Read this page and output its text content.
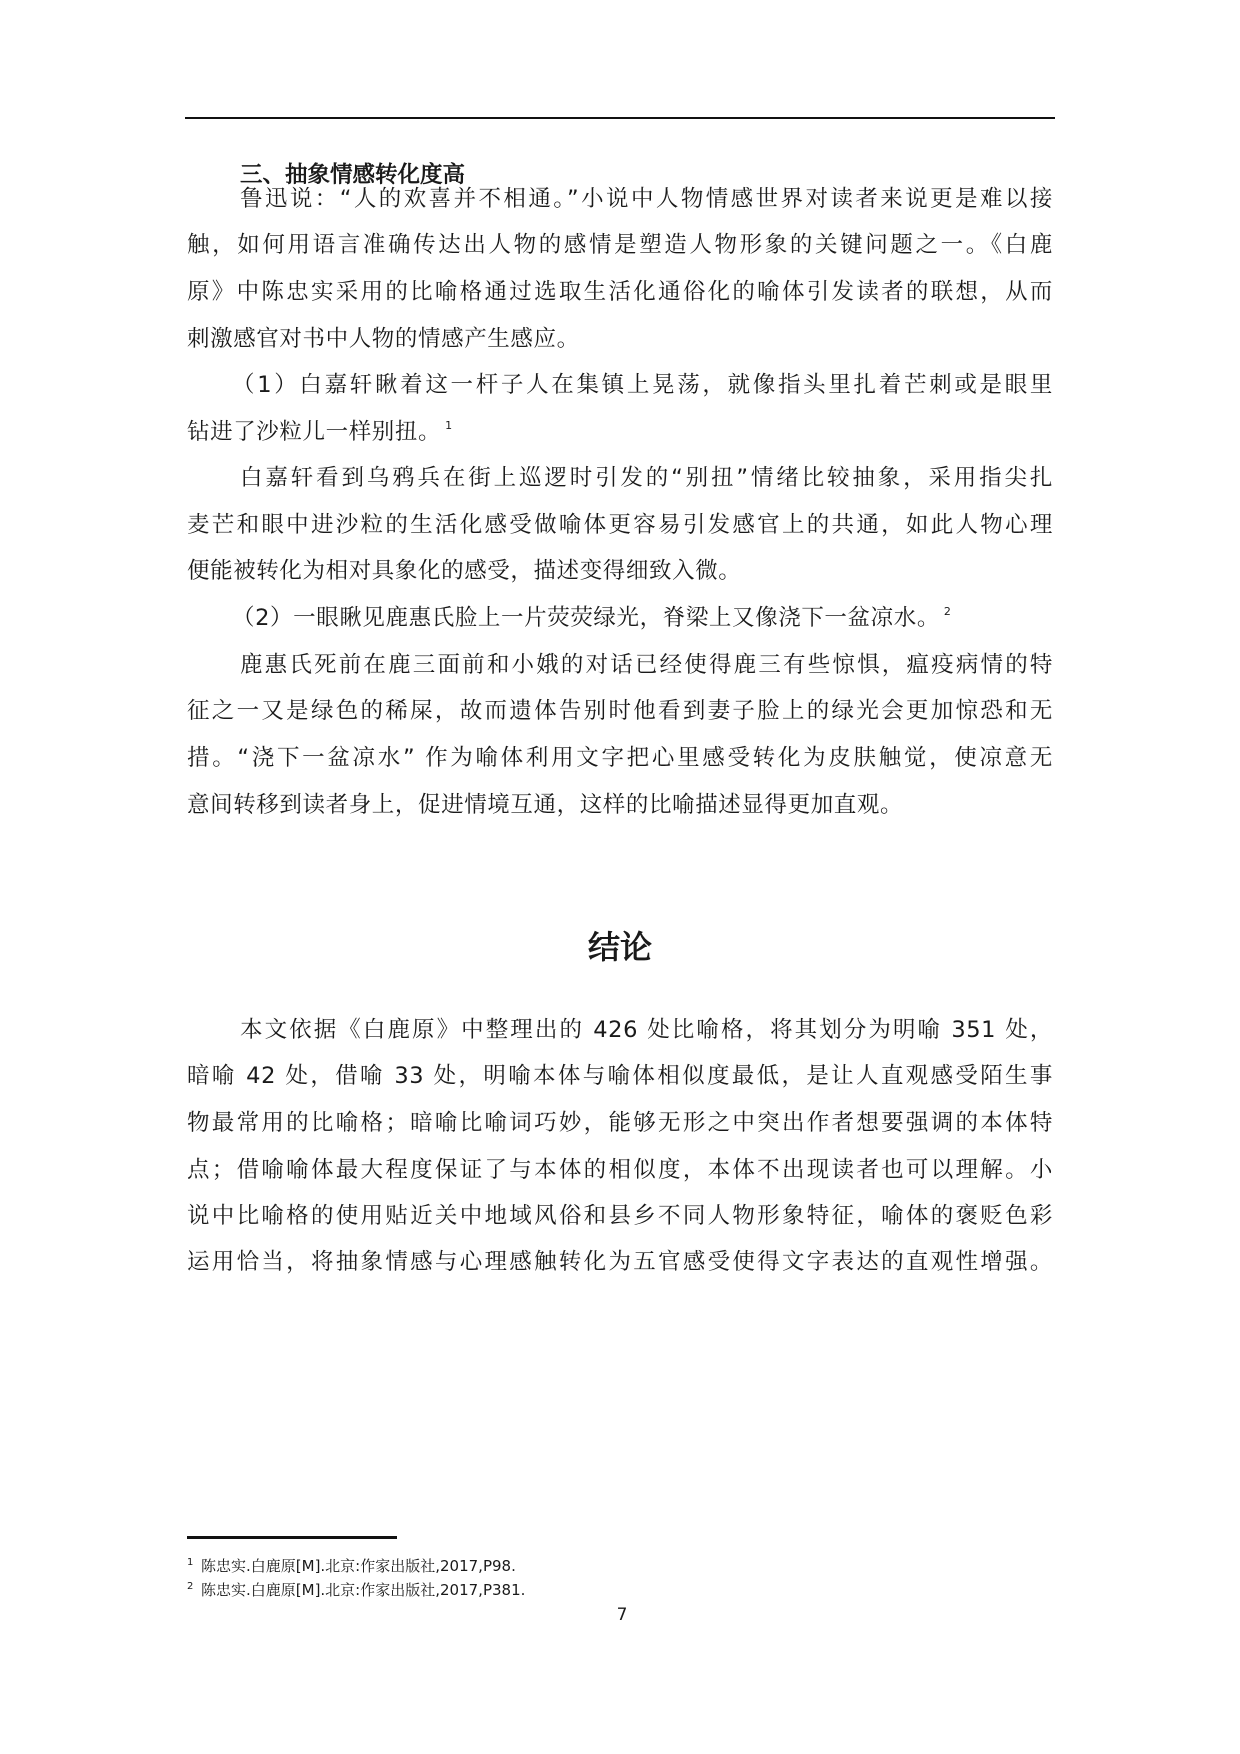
三、抽象情感转化度高
鲁迅说：“人的欢喜并不相通。”小说中人物情感世界对读者来说更是难以接
触，如何用语言准确传达出人物的感情是塑造人物形象的关键问题之一。《白鹿
原》中陈忠实采用的比喻格通过选取生活化通俗化的喻体引发读者的联想，从而
刺激感官对书中人物的情感产生感应。
（1）白嘉轩瞅着这一杆子人在集镇上晃荡，就像指头里扎着芒刺或是眼里
钻进了沙粒儿一样别扭。 $^1$
白嘉轩看到乌鸦兵在街上巡逻时引发的“别扭”情绪比较抽象，采用指尖扎
麦芒和眼中进沙粒的生活化感受做喻体更容易引发感官上的共通，如此人物心理
便能被转化为相对具象化的感受，描述变得细致入微。
（2）一眼瞅见鹿惠氏脸上一片荧荧绿光，脊梁上又像浇下一盆凉水。 $^2$
鹿惠氏死前在鹿三面前和小娥的对话已经使得鹿三有些惊惧，瘟疫病情的特
征之一又是绿色的稀屎，故而遗体告别时他看到妻子脸上的绿光会更加惊恐和无
措。“浇下一盆凉水” 作为喻体利用文字把心里感受转化为皮肤触觉，使凉意无
意间转移到读者身上，促进情境互通，这样的比喻描述显得更加直观。
结论
本文依据《白鹿原》中整理出的 426 处比喻格，将其划分为明喻 351 处，
暗喻 42 处，借喻 33 处，明喻本体与喻体相似度最低，是让人直观感受陌生事
物最常用的比喻格；暗喻比喻词巧妙，能够无形之中突出作者想要强调的本体特
点；借喻喻体最大程度保证了与本体的相似度，本体不出现读者也可以理解。小
说中比喻格的使用贴近关中地域风俗和县乡不同人物形象特征，喻体的褒贬色彩
运用恰当，将抽象情感与心理感触转化为五官感受使得文字表达的直观性增强。
1 陈忠实.白鹿原[M].北京:作家出版社,2017,P98.
2 陈忠实.白鹿原[M].北京:作家出版社,2017,P381.
7
